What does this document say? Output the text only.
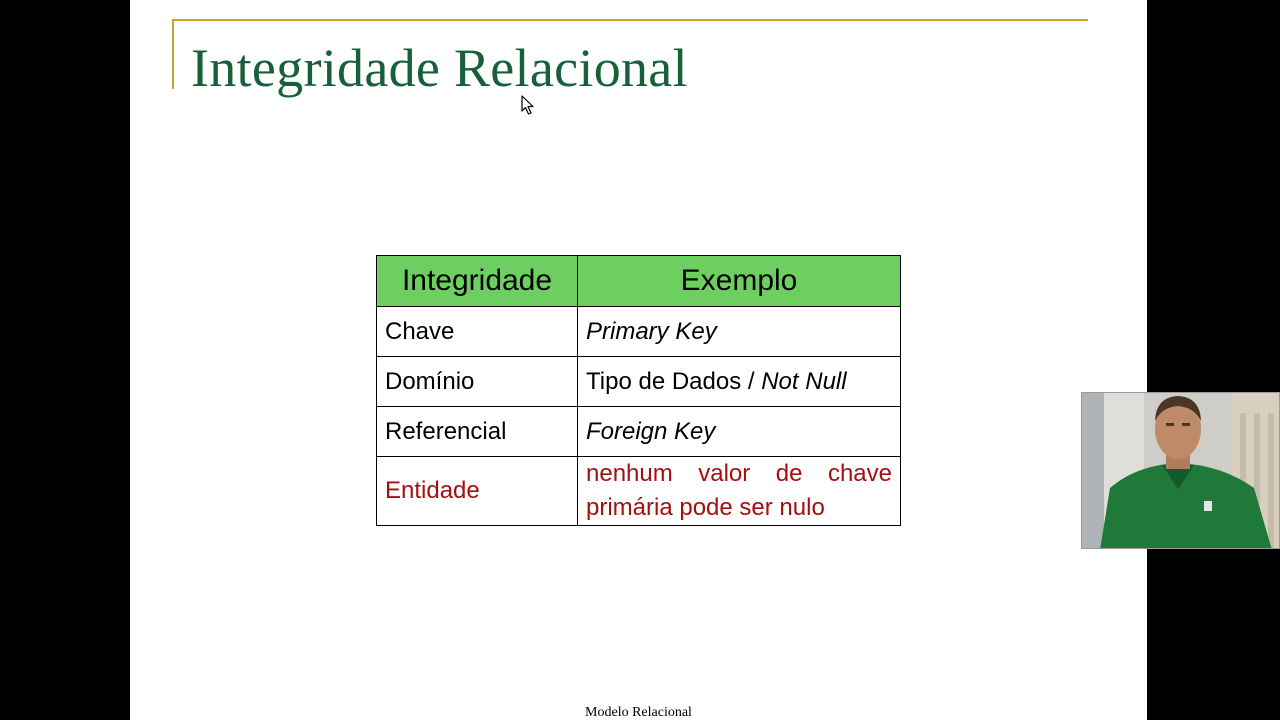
Integridade Relacional
Integridade	Exemplo
Chave	Primary Key
Domínio	Tipo de Dados / Not Null
Referencial	Foreign Key
Entidade	nenhum valor de chave primária pode ser nulo
Modelo Relacional
